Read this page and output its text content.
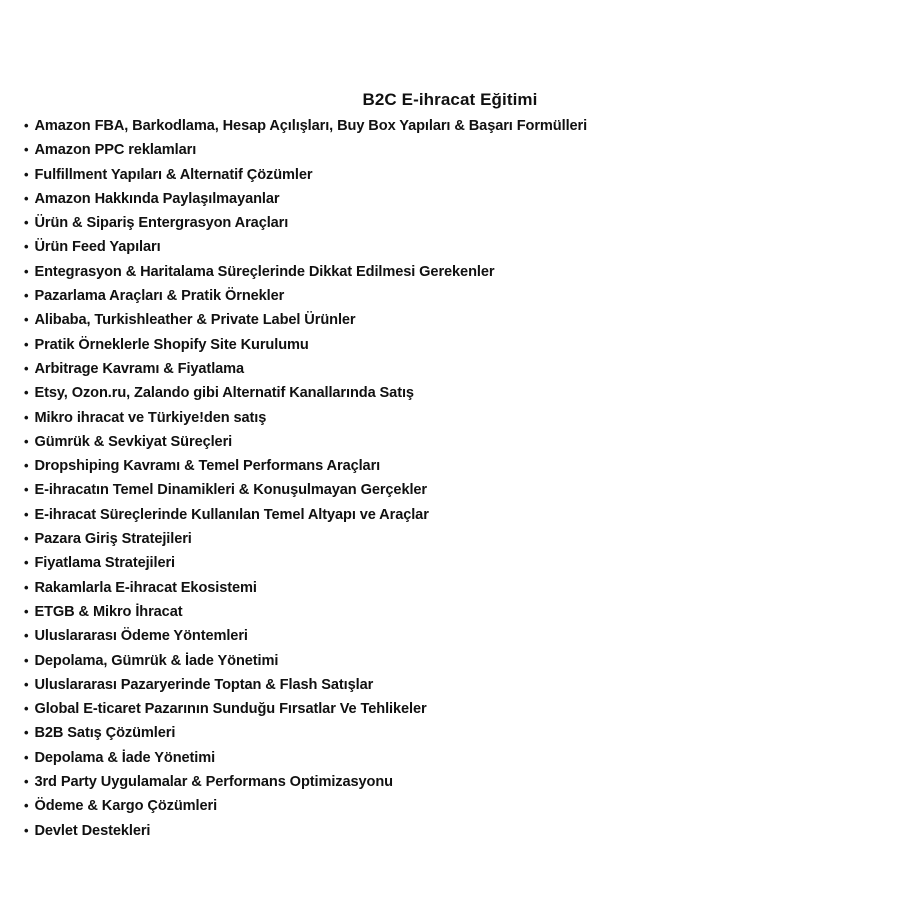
B2C E-ihracat Eğitimi
• Amazon FBA, Barkodlama, Hesap Açılışları, Buy Box Yapıları & Başarı Formülleri
• Amazon PPC reklamları
• Fulfillment Yapıları & Alternatif Çözümler
• Amazon Hakkında Paylaşılmayanlar
• Ürün & Sipariş Entergrasyon Araçları
• Ürün Feed Yapıları
• Entegrasyon & Haritalama Süreçlerinde Dikkat Edilmesi Gerekenler
• Pazarlama Araçları & Pratik Örnekler
• Alibaba, Turkishleather & Private Label Ürünler
• Pratik Örneklerle Shopify Site Kurulumu
• Arbitrage Kavramı & Fiyatlama
• Etsy, Ozon.ru, Zalando gibi Alternatif Kanallarında Satış
• Mikro ihracat ve Türkiye!den satış
• Gümrük & Sevkiyat Süreçleri
• Dropshiping Kavramı & Temel Performans Araçları
• E-ihracatın Temel Dinamikleri & Konuşulmayan Gerçekler
• E-ihracat Süreçlerinde Kullanılan Temel Altyapı ve Araçlar
• Pazara Giriş Stratejileri
• Fiyatlama Stratejileri
• Rakamlarla E-ihracat Ekosistemi
• ETGB & Mikro İhracat
• Uluslararası Ödeme Yöntemleri
• Depolama, Gümrük & İade Yönetimi
• Uluslararası Pazaryerinde Toptan & Flash Satışlar
• Global E-ticaret Pazarının Sunduğu Fırsatlar Ve Tehlikeler
• B2B Satış Çözümleri
• Depolama & İade Yönetimi
• 3rd Party Uygulamalar & Performans Optimizasyonu
• Ödeme & Kargo Çözümleri
• Devlet Destekleri
